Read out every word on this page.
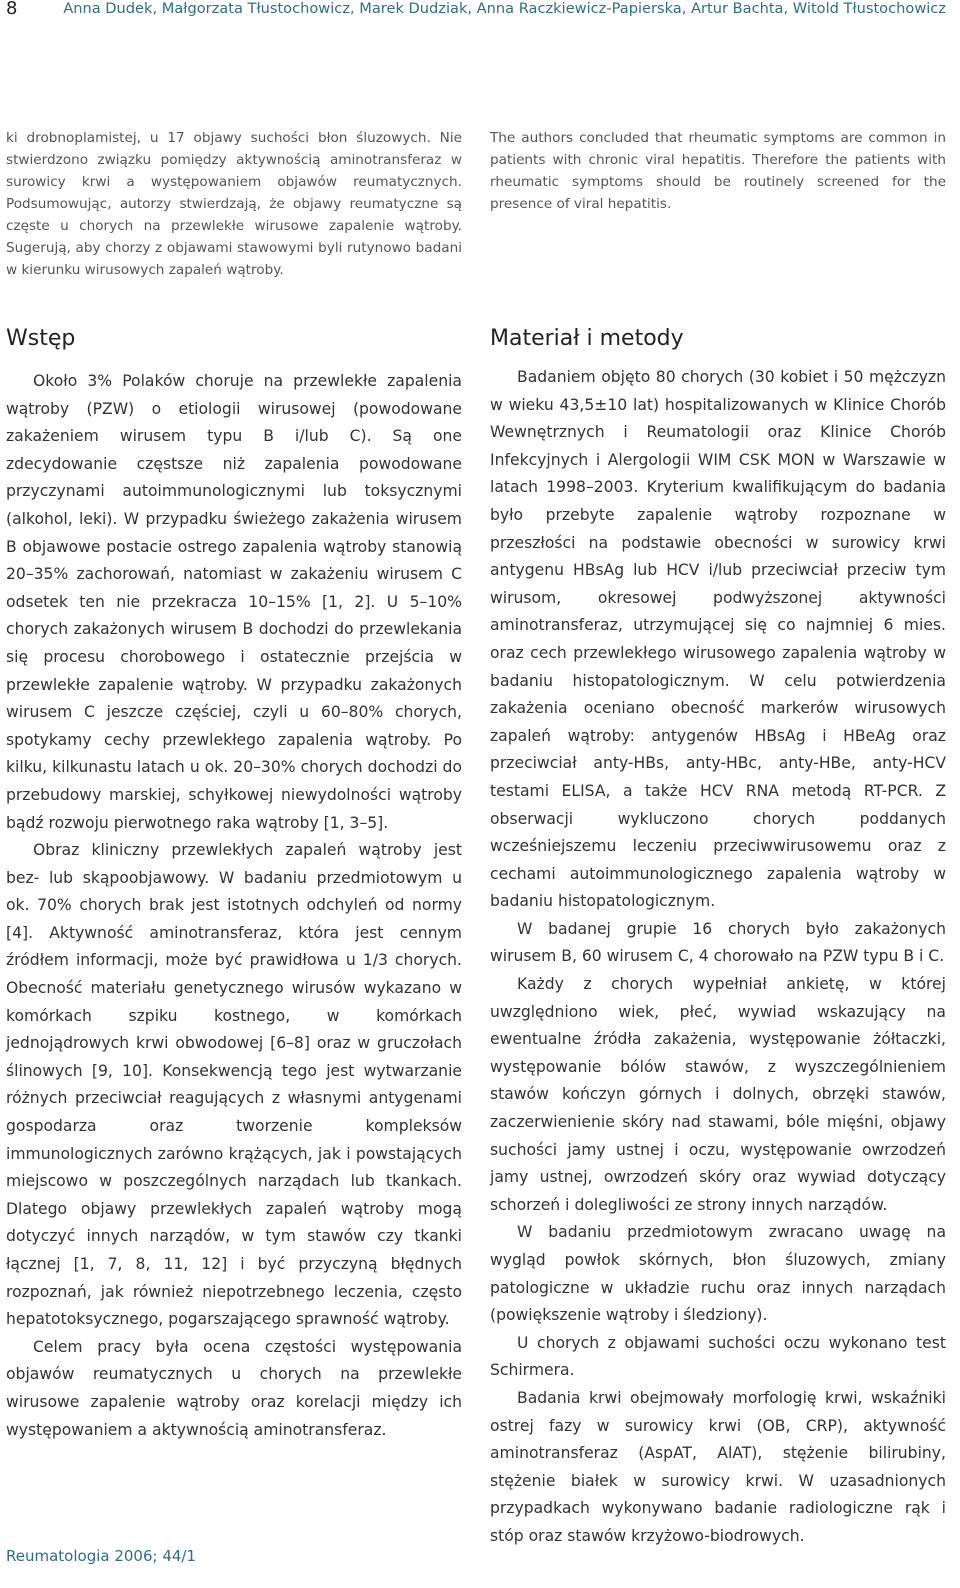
8	Anna Dudek, Małgorzata Tłustochowicz, Marek Dudziak, Anna Raczkiewicz-Papierska, Artur Bachta, Witold Tłustochowicz

ki drobnoplamistej, u 17 objawy suchości błon śluzowych. Nie stwierdzono związku pomiędzy aktywnością aminotransferaz w surowicy krwi a występowaniem objawów reumatycznych. Podsumowując, autorzy stwierdzają, że objawy reumatyczne są częste u chorych na przewlekłe wirusowe zapalenie wątroby. Sugerują, aby chorzy z objawami stawowymi byli rutynowo badani w kierunku wirusowych zapaleń wątroby.

The authors concluded that rheumatic symptoms are common in patients with chronic viral hepatitis. Therefore the patients with rheumatic symptoms should be routinely screened for the presence of viral hepatitis.

Wstęp

Około 3% Polaków choruje na przewlekłe zapalenia wątroby (PZW) o etiologii wirusowej (powodowane zakażeniem wirusem typu B i/lub C). Są one zdecydowanie częstsze niż zapalenia powodowane przyczynami autoimmunologicznymi lub toksycznymi (alkohol, leki). W przypadku świeżego zakażenia wirusem B objawowe postacie ostrego zapalenia wątroby stanowią 20–35% zachorowań, natomiast w zakażeniu wirusem C odsetek ten nie przekracza 10–15% [1, 2]. U 5–10% chorych zakażonych wirusem B dochodzi do przewlekania się procesu chorobowego i ostatecznie przejścia w przewlekłe zapalenie wątroby. W przypadku zakażonych wirusem C jeszcze częściej, czyli u 60–80% chorych, spotykamy cechy przewlekłego zapalenia wątroby. Po kilku, kilkunastu latach u ok. 20–30% chorych dochodzi do przebudowy marskiej, schyłkowej niewydolności wątroby bądź rozwoju pierwotnego raka wątroby [1, 3–5].

Obraz kliniczny przewlekłych zapaleń wątroby jest bez- lub skąpoobjawowy. W badaniu przedmiotowym u ok. 70% chorych brak jest istotnych odchyleń od normy [4]. Aktywność aminotransferaz, która jest cennym źródłem informacji, może być prawidłowa u 1/3 chorych. Obecność materiału genetycznego wirusów wykazano w komórkach szpiku kostnego, w komórkach jednojądrowych krwi obwodowej [6–8] oraz w gruczołach ślinowych [9, 10]. Konsekwencją tego jest wytwarzanie różnych przeciwciał reagujących z własnymi antygenami gospodarza oraz tworzenie kompleksów immunologicznych zarówno krążących, jak i powstających miejscowo w poszczególnych narządach lub tkankach. Dlatego objawy przewlekłych zapaleń wątroby mogą dotyczyć innych narządów, w tym stawów czy tkanki łącznej [1, 7, 8, 11, 12] i być przyczyną błędnych rozpoznań, jak również niepotrzebnego leczenia, często hepatotoksycznego, pogarszającego sprawność wątroby.

Celem pracy była ocena częstości występowania objawów reumatycznych u chorych na przewlekłe wirusowe zapalenie wątroby oraz korelacji między ich występowaniem a aktywnością aminotransferaz.

Materiał i metody

Badaniem objęto 80 chorych (30 kobiet i 50 mężczyzn w wieku 43,5±10 lat) hospitalizowanych w Klinice Chorób Wewnętrznych i Reumatologii oraz Klinice Chorób Infekcyjnych i Alergologii WIM CSK MON w Warszawie w latach 1998–2003. Kryterium kwalifikującym do badania było przebyte zapalenie wątroby rozpoznane w przeszłości na podstawie obecności w surowicy krwi antygenu HBsAg lub HCV i/lub przeciwciał przeciw tym wirusom, okresowej podwyższonej aktywności aminotransferaz, utrzymującej się co najmniej 6 mies. oraz cech przewlekłego wirusowego zapalenia wątroby w badaniu histopatologicznym. W celu potwierdzenia zakażenia oceniano obecność markerów wirusowych zapaleń wątroby: antygenów HBsAg i HBeAg oraz przeciwciał anty-HBs, anty-HBc, anty-HBe, anty-HCV testami ELISA, a także HCV RNA metodą RT-PCR. Z obserwacji wykluczono chorych poddanych wcześniejszemu leczeniu przeciwwirusowemu oraz z cechami autoimmunologicznego zapalenia wątroby w badaniu histopatologicznym.

W badanej grupie 16 chorych było zakażonych wirusem B, 60 wirusem C, 4 chorowało na PZW typu B i C.

Każdy z chorych wypełniał ankietę, w której uwzględniono wiek, płeć, wywiad wskazujący na ewentualne źródła zakażenia, występowanie żółtaczki, występowanie bólów stawów, z wyszczególnieniem stawów kończyn górnych i dolnych, obrzęki stawów, zaczerwienienie skóry nad stawami, bóle mięśni, objawy suchości jamy ustnej i oczu, występowanie owrzodzeń jamy ustnej, owrzodzeń skóry oraz wywiad dotyczący schorzeń i dolegliwości ze strony innych narządów.

W badaniu przedmiotowym zwracano uwagę na wygląd powłok skórnych, błon śluzowych, zmiany patologiczne w układzie ruchu oraz innych narządach (powiększenie wątroby i śledziony).

U chorych z objawami suchości oczu wykonano test Schirmera.

Badania krwi obejmowały morfologię krwi, wskaźniki ostrej fazy w surowicy krwi (OB, CRP), aktywność aminotransferaz (AspAT, AlAT), stężenie bilirubiny, stężenie białek w surowicy krwi. W uzasadnionych przypadkach wykonywano badanie radiologiczne rąk i stóp oraz stawów krzyżowo-biodrowych.

Reumatologia 2006; 44/1
